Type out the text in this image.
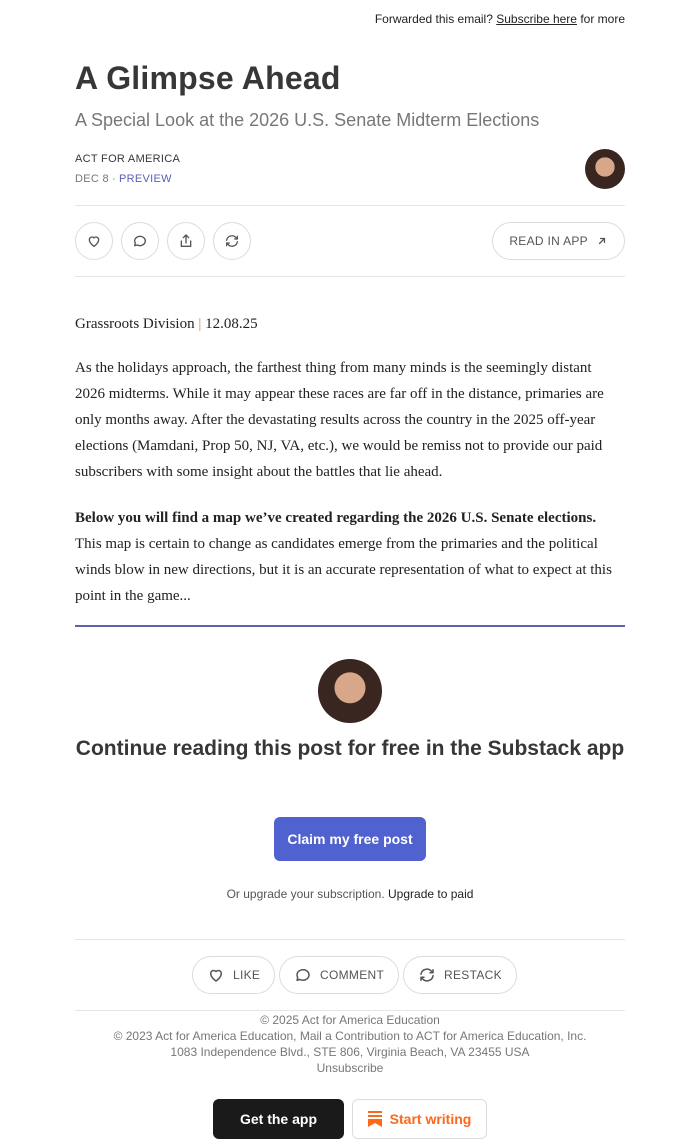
Forwarded this email? Subscribe here for more
A Glimpse Ahead
A Special Look at the 2026 U.S. Senate Midterm Elections
ACT FOR AMERICA
DEC 8 ∙ PREVIEW
READ IN APP
Grassroots Division | 12.08.25
As the holidays approach, the farthest thing from many minds is the seemingly distant 2026 midterms. While it may appear these races are far off in the distance, primaries are only months away. After the devastating results across the country in the 2025 off-year elections (Mamdani, Prop 50, NJ, VA, etc.), we would be remiss not to provide our paid subscribers with some insight about the battles that lie ahead.
Below you will find a map we’ve created regarding the 2026 U.S. Senate elections. This map is certain to change as candidates emerge from the primaries and the political winds blow in new directions, but it is an accurate representation of what to expect at this point in the game...
Continue reading this post for free in the Substack app
Claim my free post
Or upgrade your subscription. Upgrade to paid
LIKE	COMMENT	RESTACK
© 2025 Act for America Education
© 2023 Act for America Education, Mail a Contribution to ACT for America Education, Inc.
1083 Independence Blvd., STE 806, Virginia Beach, VA 23455 USA
Unsubscribe
Get the app	Start writing
